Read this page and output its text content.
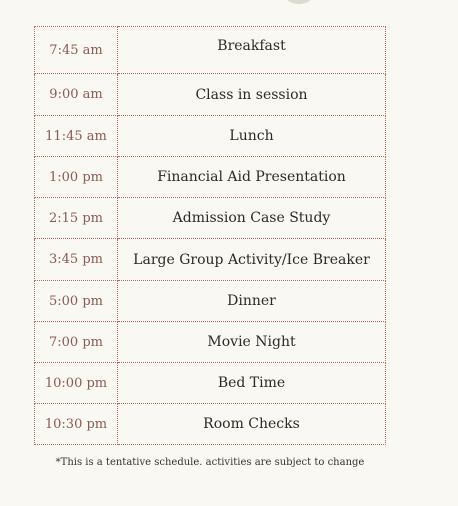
7:45 am	Breakfast
9:00 am	Class in session
11:45 am	Lunch
1:00 pm	Financial Aid Presentation
2:15 pm	Admission Case Study
3:45 pm	Large Group Activity/Ice Breaker
5:00 pm	Dinner
7:00 pm	Movie Night
10:00 pm	Bed Time
10:30 pm	Room Checks
*This is a tentative schedule. activities are subject to change
